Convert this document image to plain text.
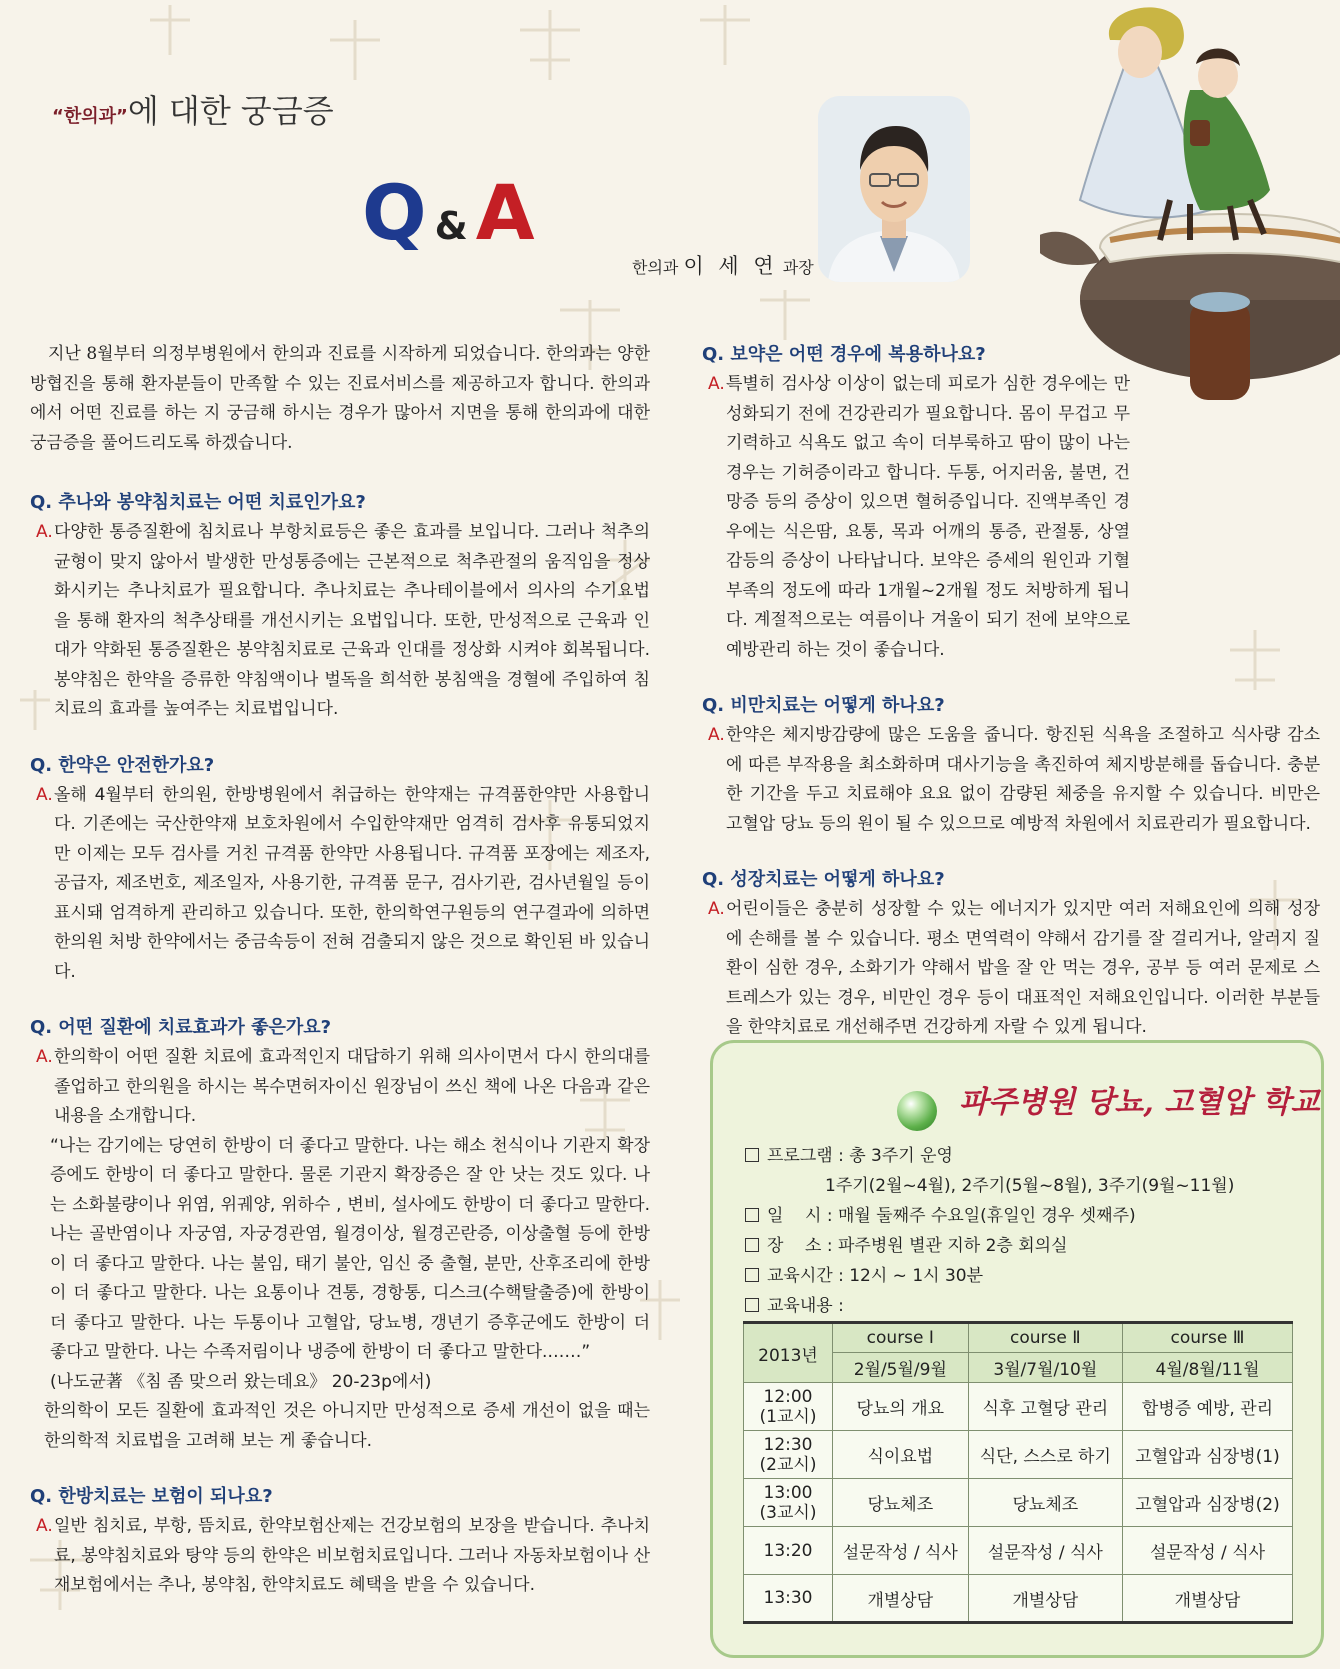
“한의과”에 대한 궁금증
Q & A
한의과 이 세 연 과장

지난 8월부터 의정부병원에서 한의과 진료를 시작하게 되었습니다. 한의과는 양한방협진을 통해 환자분들이 만족할 수 있는 진료서비스를 제공하고자 합니다. 한의과에서 어떤 진료를 하는 지 궁금해 하시는 경우가 많아서 지면을 통해 한의과에 대한 궁금증을 풀어드리도록 하겠습니다.

Q. 추나와 봉약침치료는 어떤 치료인가요?

A. 다양한 통증질환에 침치료나 부항치료등은 좋은 효과를 보입니다. 그러나 척추의 균형이 맞지 않아서 발생한 만성통증에는 근본적으로 척추관절의 움직임을 정상화시키는 추나치료가 필요합니다. 추나치료는 추나테이블에서 의사의 수기요법을 통해 환자의 척추상태를 개선시키는 요법입니다. 또한, 만성적으로 근육과 인대가 약화된 통증질환은 봉약침치료로 근육과 인대를 정상화 시켜야 회복됩니다. 봉약침은 한약을 증류한 약침액이나 벌독을 희석한 봉침액을 경혈에 주입하여 침치료의 효과를 높여주는 치료법입니다.

Q. 한약은 안전한가요?

A. 올해 4월부터 한의원, 한방병원에서 취급하는 한약재는 규격품한약만 사용합니다. 기존에는 국산한약재 보호차원에서 수입한약재만 엄격히 검사후 유통되었지만 이제는 모두 검사를 거친 규격품 한약만 사용됩니다. 규격품 포장에는 제조자, 공급자, 제조번호, 제조일자, 사용기한, 규격품 문구, 검사기관, 검사년월일 등이 표시돼 엄격하게 관리하고 있습니다. 또한, 한의학연구원등의 연구결과에 의하면 한의원 처방 한약에서는 중금속등이 전혀 검출되지 않은 것으로 확인된 바 있습니다.

Q. 어떤 질환에 치료효과가 좋은가요?

A. 한의학이 어떤 질환 치료에 효과적인지 대답하기 위해 의사이면서 다시 한의대를 졸업하고 한의원을 하시는 복수면허자이신 원장님이 쓰신 책에 나온 다음과 같은 내용을 소개합니다.

“나는 감기에는 당연히 한방이 더 좋다고 말한다. 나는 해소 천식이나 기관지 확장증에도 한방이 더 좋다고 말한다. 물론 기관지 확장증은 잘 안 낫는 것도 있다. 나는 소화불량이나 위염, 위궤양, 위하수 , 변비, 설사에도 한방이 더 좋다고 말한다. 나는 골반염이나 자궁염, 자궁경관염, 월경이상, 월경곤란증, 이상출혈 등에 한방이 더 좋다고 말한다. 나는 불임, 태기 불안, 임신 중 출혈, 분만, 산후조리에 한방이 더 좋다고 말한다. 나는 요통이나 견통, 경항통, 디스크(수핵탈출증)에 한방이 더 좋다고 말한다. 나는 두통이나 고혈압, 당뇨병, 갱년기 증후군에도 한방이 더 좋다고 말한다. 나는 수족저림이나 냉증에 한방이 더 좋다고 말한다.……”

(나도균著 《침 좀 맞으러 왔는데요》 20-23p에서)

한의학이 모든 질환에 효과적인 것은 아니지만 만성적으로 증세 개선이 없을 때는 한의학적 치료법을 고려해 보는 게 좋습니다.

Q. 한방치료는 보험이 되나요?

A. 일반 침치료, 부항, 뜸치료, 한약보험산제는 건강보험의 보장을 받습니다. 추나치료, 봉약침치료와 탕약 등의 한약은 비보험치료입니다. 그러나 자동차보험이나 산재보험에서는 추나, 봉약침, 한약치료도 혜택을 받을 수 있습니다.

Q. 보약은 어떤 경우에 복용하나요?

A. 특별히 검사상 이상이 없는데 피로가 심한 경우에는 만성화되기 전에 건강관리가 필요합니다. 몸이 무겁고 무기력하고 식욕도 없고 속이 더부룩하고 땀이 많이 나는 경우는 기허증이라고 합니다. 두통, 어지러움, 불면, 건망증 등의 증상이 있으면 혈허증입니다. 진액부족인 경우에는 식은땀, 요통, 목과 어깨의 통증, 관절통, 상열감등의 증상이 나타납니다. 보약은 증세의 원인과 기혈부족의 정도에 따라 1개월~2개월 정도 처방하게 됩니다. 계절적으로는 여름이나 겨울이 되기 전에 보약으로 예방관리 하는 것이 좋습니다.

Q. 비만치료는 어떻게 하나요?

A. 한약은 체지방감량에 많은 도움을 줍니다. 항진된 식욕을 조절하고 식사량 감소에 따른 부작용을 최소화하며 대사기능을 촉진하여 체지방분해를 돕습니다. 충분한 기간을 두고 치료해야 요요 없이 감량된 체중을 유지할 수 있습니다. 비만은 고혈압 당뇨 등의 원이 될 수 있으므로 예방적 차원에서 치료관리가 필요합니다.

Q. 성장치료는 어떻게 하나요?

A. 어린이들은 충분히 성장할 수 있는 에너지가 있지만 여러 저해요인에 의해 성장에 손해를 볼 수 있습니다. 평소 면역력이 약해서 감기를 잘 걸리거나, 알러지 질환이 심한 경우, 소화기가 약해서 밥을 잘 안 먹는 경우, 공부 등 여러 문제로 스트레스가 있는 경우, 비만인 경우 등이 대표적인 저해요인입니다. 이러한 부분들을 한약치료로 개선해주면 건강하게 자랄 수 있게 됩니다.

파주병원 당뇨, 고혈압 학교
프로그램 : 총 3주기 운영
1주기(2월~4월), 2주기(5월~8월), 3주기(9월~11월)
일    시 : 매월 둘째주 수요일(휴일인 경우 셋째주)
장    소 : 파주병원 별관 지하 2층 회의실
교육시간 : 12시 ~ 1시 30분
교육내용 :
2013년	course Ⅰ	course Ⅱ	course Ⅲ
	2월/5월/9월	3월/7월/10월	4월/8월/11월
12:00
(1교시)	당뇨의 개요	식후 고혈당 관리	합병증 예방, 관리
12:30
(2교시)	식이요법	식단, 스스로 하기	고혈압과 심장병(1)
13:00
(3교시)	당뇨체조	당뇨체조	고혈압과 심장병(2)
13:20	설문작성 / 식사	설문작성 / 식사	설문작성 / 식사
13:30	개별상담	개별상담	개별상담
